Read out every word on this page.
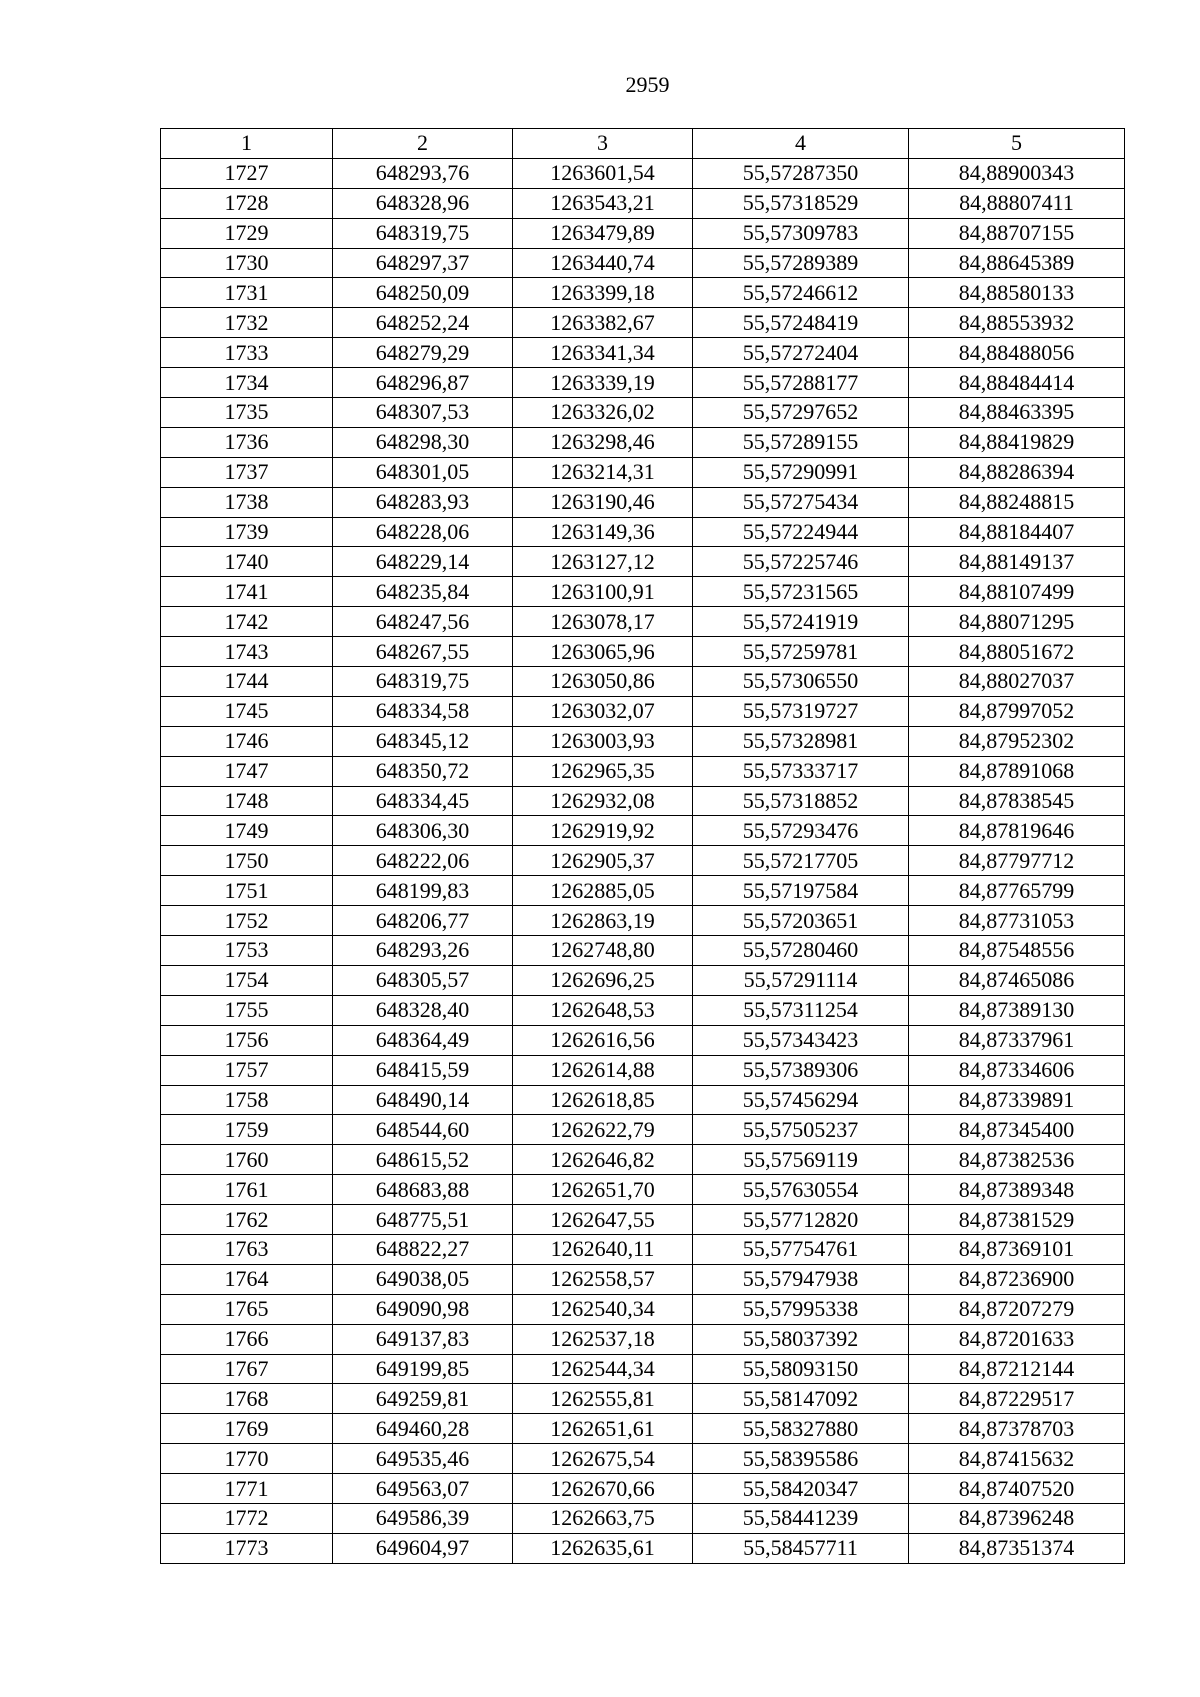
2959
1	2	3	4	5
1727	648293,76	1263601,54	55,57287350	84,88900343
1728	648328,96	1263543,21	55,57318529	84,88807411
1729	648319,75	1263479,89	55,57309783	84,88707155
1730	648297,37	1263440,74	55,57289389	84,88645389
1731	648250,09	1263399,18	55,57246612	84,88580133
1732	648252,24	1263382,67	55,57248419	84,88553932
1733	648279,29	1263341,34	55,57272404	84,88488056
1734	648296,87	1263339,19	55,57288177	84,88484414
1735	648307,53	1263326,02	55,57297652	84,88463395
1736	648298,30	1263298,46	55,57289155	84,88419829
1737	648301,05	1263214,31	55,57290991	84,88286394
1738	648283,93	1263190,46	55,57275434	84,88248815
1739	648228,06	1263149,36	55,57224944	84,88184407
1740	648229,14	1263127,12	55,57225746	84,88149137
1741	648235,84	1263100,91	55,57231565	84,88107499
1742	648247,56	1263078,17	55,57241919	84,88071295
1743	648267,55	1263065,96	55,57259781	84,88051672
1744	648319,75	1263050,86	55,57306550	84,88027037
1745	648334,58	1263032,07	55,57319727	84,87997052
1746	648345,12	1263003,93	55,57328981	84,87952302
1747	648350,72	1262965,35	55,57333717	84,87891068
1748	648334,45	1262932,08	55,57318852	84,87838545
1749	648306,30	1262919,92	55,57293476	84,87819646
1750	648222,06	1262905,37	55,57217705	84,87797712
1751	648199,83	1262885,05	55,57197584	84,87765799
1752	648206,77	1262863,19	55,57203651	84,87731053
1753	648293,26	1262748,80	55,57280460	84,87548556
1754	648305,57	1262696,25	55,57291114	84,87465086
1755	648328,40	1262648,53	55,57311254	84,87389130
1756	648364,49	1262616,56	55,57343423	84,87337961
1757	648415,59	1262614,88	55,57389306	84,87334606
1758	648490,14	1262618,85	55,57456294	84,87339891
1759	648544,60	1262622,79	55,57505237	84,87345400
1760	648615,52	1262646,82	55,57569119	84,87382536
1761	648683,88	1262651,70	55,57630554	84,87389348
1762	648775,51	1262647,55	55,57712820	84,87381529
1763	648822,27	1262640,11	55,57754761	84,87369101
1764	649038,05	1262558,57	55,57947938	84,87236900
1765	649090,98	1262540,34	55,57995338	84,87207279
1766	649137,83	1262537,18	55,58037392	84,87201633
1767	649199,85	1262544,34	55,58093150	84,87212144
1768	649259,81	1262555,81	55,58147092	84,87229517
1769	649460,28	1262651,61	55,58327880	84,87378703
1770	649535,46	1262675,54	55,58395586	84,87415632
1771	649563,07	1262670,66	55,58420347	84,87407520
1772	649586,39	1262663,75	55,58441239	84,87396248
1773	649604,97	1262635,61	55,58457711	84,87351374
